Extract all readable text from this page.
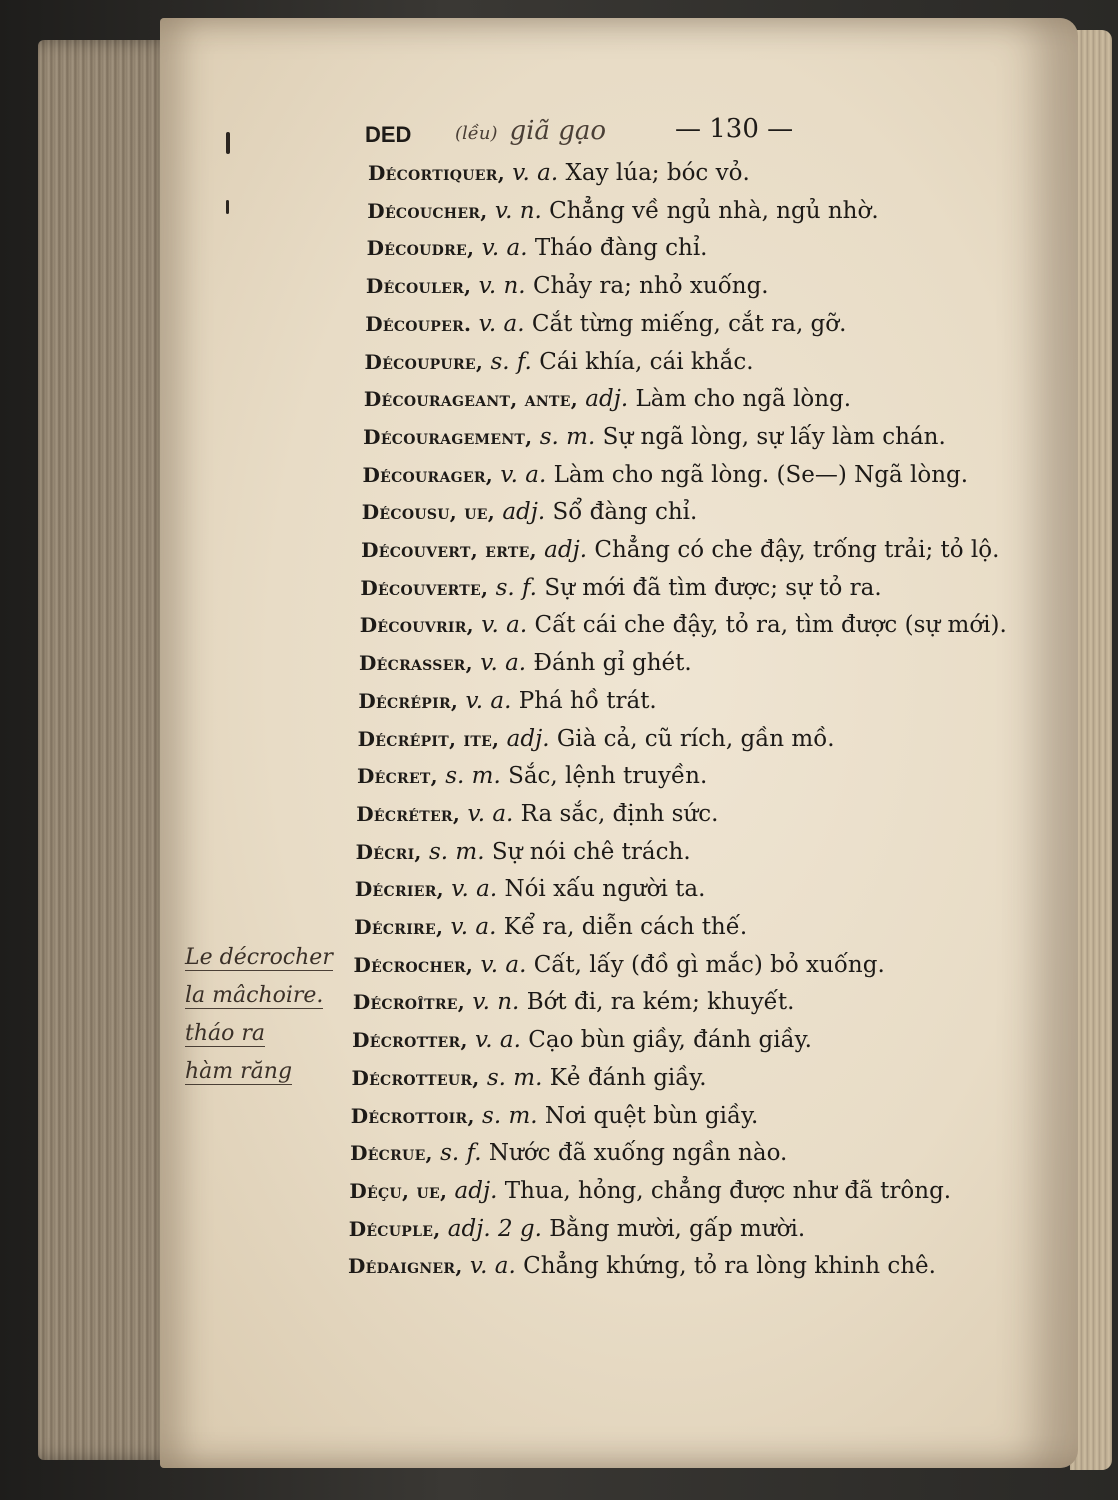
DED (lều) giã gạo	— 130 —
Décortiquer, v. a. Xay lúa; bóc vỏ.
Découcher, v. n. Chẳng về ngủ nhà, ngủ nhờ.
Découdre, v. a. Tháo đàng chỉ.
Découler, v. n. Chảy ra; nhỏ xuống.
Découper. v. a. Cắt từng miếng, cắt ra, gỡ.
Découpure, s. f. Cái khía, cái khắc.
Décourageant, ante, adj. Làm cho ngã lòng.
Découragement, s. m. Sự ngã lòng, sự lấy làm chán.
Décourager, v. a. Làm cho ngã lòng. (Se—) Ngã lòng.
Décousu, ue, adj. Sổ đàng chỉ.
Découvert, erte, adj. Chẳng có che đậy, trống trải; tỏ lộ.
Découverte, s. f. Sự mới đã tìm được; sự tỏ ra.
Découvrir, v. a. Cất cái che đậy, tỏ ra, tìm được (sự mới).
Décrasser, v. a. Đánh gỉ ghét.
Décrépir, v. a. Phá hồ trát.
Décrépit, ite, adj. Già cả, cũ rích, gần mồ.
Décret, s. m. Sắc, lệnh truyền.
Décréter, v. a. Ra sắc, định sức.
Décri, s. m. Sự nói chê trách.
Décrier, v. a. Nói xấu người ta.
Décrire, v. a. Kể ra, diễn cách thế.
Décrocher, v. a. Cất, lấy (đồ gì mắc) bỏ xuống.
Décroître, v. n. Bớt đi, ra kém; khuyết.
Décrotter, v. a. Cạo bùn giầy, đánh giầy.
Décrotteur, s. m. Kẻ đánh giầy.
Décrottoir, s. m. Nơi quệt bùn giầy.
Décrue, s. f. Nước đã xuống ngần nào.
Déçu, ue, adj. Thua, hỏng, chẳng được như đã trông.
Décuple, adj. 2 g. Bằng mười, gấp mười.
Dédaigner, v. a. Chẳng khứng, tỏ ra lòng khinh chê.
Le décrocher
la mâchoire.
tháo ra
hàm răng
